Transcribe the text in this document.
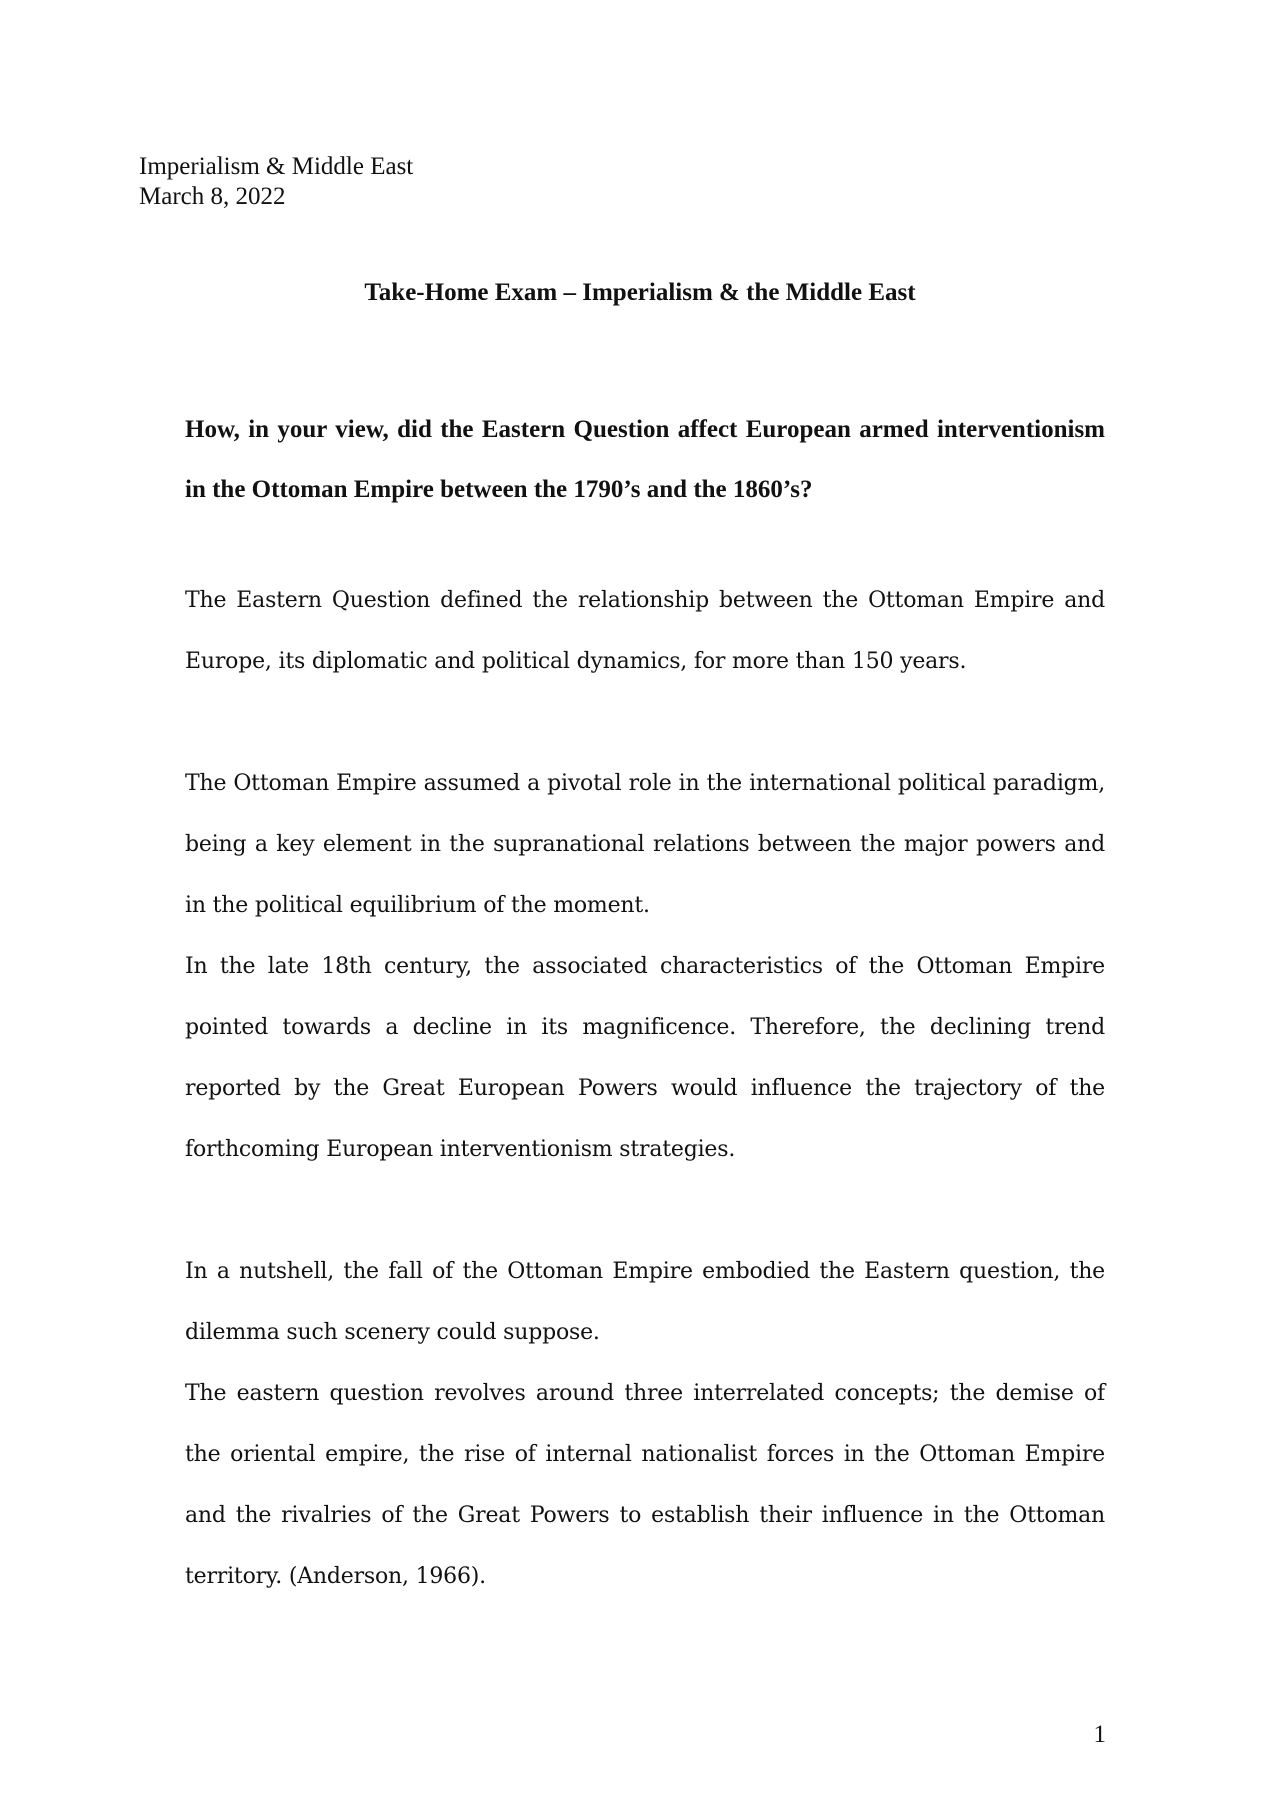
Imperialism & Middle East
March 8, 2022
Take-Home Exam – Imperialism & the Middle East
How, in your view, did the Eastern Question affect European armed interventionism in the Ottoman Empire between the 1790’s and the 1860’s?

The Eastern Question defined the relationship between the Ottoman Empire and Europe, its diplomatic and political dynamics, for more than 150 years.

The Ottoman Empire assumed a pivotal role in the international political paradigm, being a key element in the supranational relations between the major powers and in the political equilibrium of the moment.

In the late 18th century, the associated characteristics of the Ottoman Empire pointed towards a decline in its magnificence. Therefore, the declining trend reported by the Great European Powers would influence the trajectory of the forthcoming European interventionism strategies.

In a nutshell, the fall of the Ottoman Empire embodied the Eastern question, the dilemma such scenery could suppose.

The eastern question revolves around three interrelated concepts; the demise of the oriental empire, the rise of internal nationalist forces in the Ottoman Empire and the rivalries of the Great Powers to establish their influence in the Ottoman territory. (Anderson, 1966).

1
